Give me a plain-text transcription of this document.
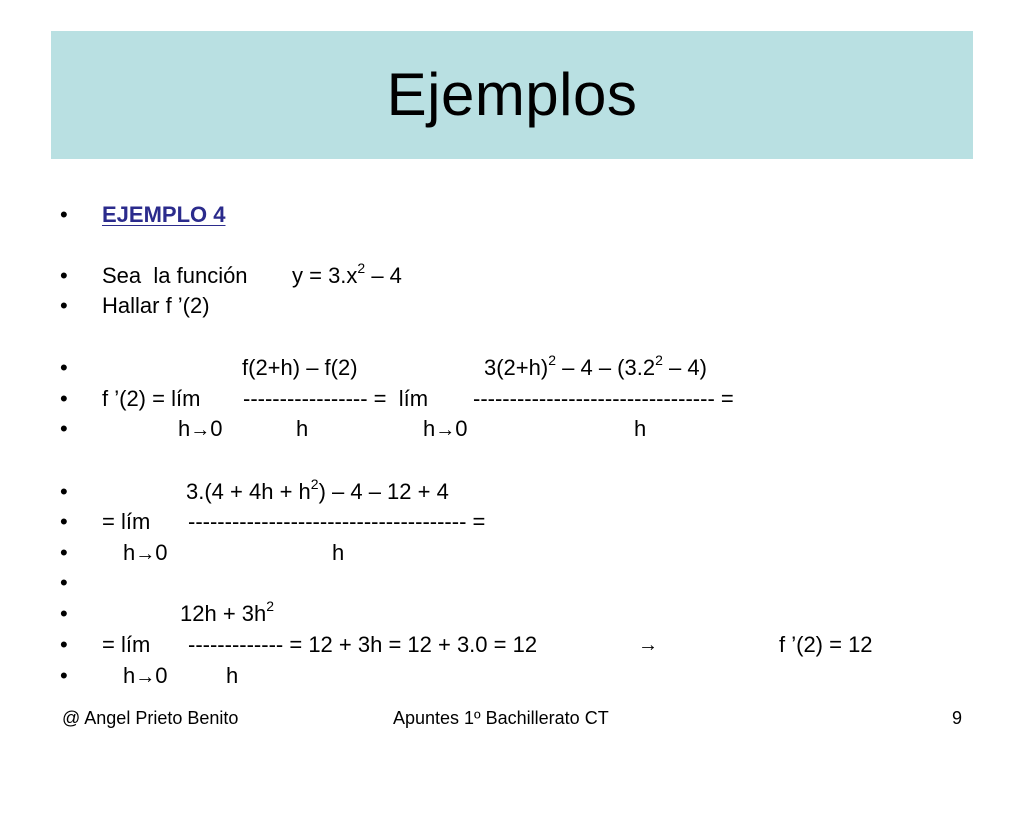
Ejemplos

•

EJEMPLO 4

•

Sea  la función

$y = 3.x^2 - 4$

•

Hallar f ’(2)

•

	f(2+h) – f(2)

	$3(2+h)^2 - 4 - (3.2^2 - 4)$

•

f ’(2) = lím

----------------- =  lím

--------------------------------- =

•

	h→0

	h

	h→0

	h

•

	$3.(4 + 4h + h^2) - 4 - 12 + 4$

•

= lím

-------------------------------------- =

•

	h→0

	h

•

•

	$12h + 3h^2$

•

= lím

------------- = 12 + 3h = 12 + 3.0 = 12

	→

	f ’(2) = 12

•

	h→0

	h

@ Angel Prieto Benito	Apuntes 1º Bachillerato CT	9
